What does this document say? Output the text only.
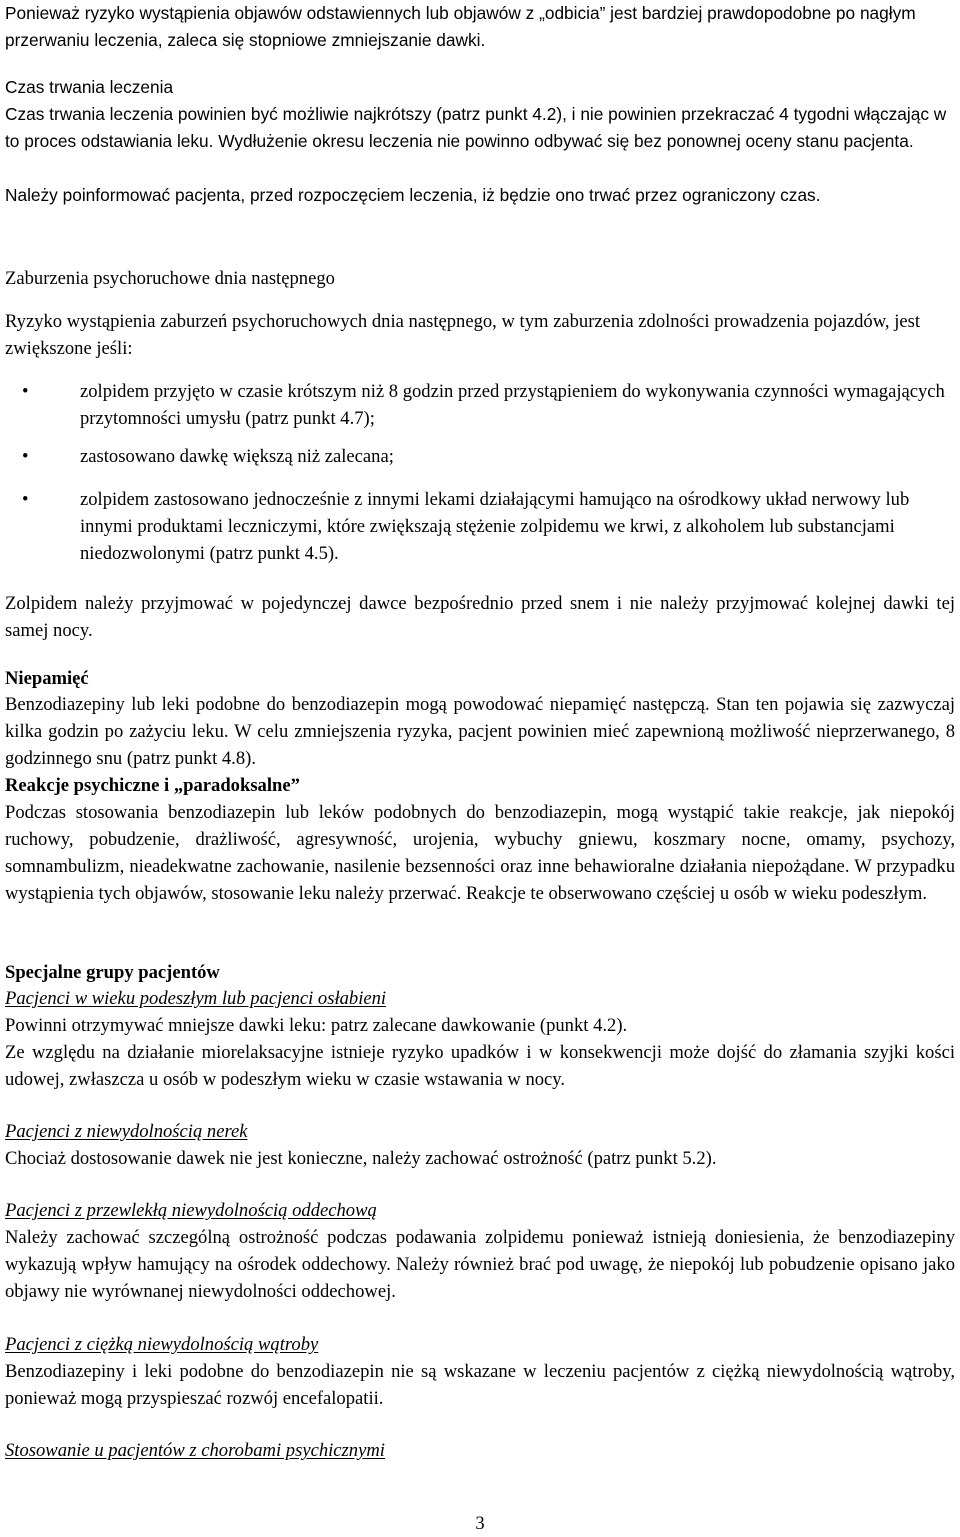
Ponieważ ryzyko wystąpienia objawów odstawiennych lub objawów z „odbicia” jest bardziej prawdopodobne po nagłym przerwaniu leczenia, zaleca się stopniowe zmniejszanie dawki.

Czas trwania leczenia

Czas trwania leczenia powinien być możliwie najkrótszy (patrz punkt 4.2), i nie powinien przekraczać 4 tygodni włączając w to proces odstawiania leku. Wydłużenie okresu leczenia nie powinno odbywać się bez ponownej oceny stanu pacjenta.

Należy poinformować pacjenta, przed rozpoczęciem leczenia, iż będzie ono trwać przez ograniczony czas.

Zaburzenia psychoruchowe dnia następnego

Ryzyko wystąpienia zaburzeń psychoruchowych dnia następnego, w tym zaburzenia zdolności prowadzenia pojazdów, jest zwiększone jeśli:

•	zolpidem przyjęto w czasie krótszym niż 8 godzin przed przystąpieniem do wykonywania czynności wymagających przytomności umysłu (patrz punkt 4.7);
•	zastosowano dawkę większą niż zalecana;
•	zolpidem zastosowano jednocześnie z innymi lekami działającymi hamująco na ośrodkowy układ nerwowy lub innymi produktami leczniczymi, które zwiększają stężenie zolpidemu we krwi, z alkoholem lub substancjami niedozwolonymi (patrz punkt 4.5).

Zolpidem należy przyjmować w pojedynczej dawce bezpośrednio przed snem i nie należy przyjmować kolejnej dawki tej samej nocy.

Niepamięć

Benzodiazepiny lub leki podobne do benzodiazepin mogą powodować niepamięć następczą. Stan ten pojawia się zazwyczaj kilka godzin po zażyciu leku. W celu zmniejszenia ryzyka, pacjent powinien mieć zapewnioną możliwość nieprzerwanego, 8 godzinnego snu (patrz punkt 4.8).

Reakcje psychiczne i „paradoksalne”

Podczas stosowania benzodiazepin lub leków podobnych do benzodiazepin, mogą wystąpić takie reakcje, jak niepokój ruchowy, pobudzenie, drażliwość, agresywność, urojenia, wybuchy gniewu, koszmary nocne, omamy, psychozy, somnambulizm, nieadekwatne zachowanie, nasilenie bezsenności oraz inne behawioralne działania niepożądane. W przypadku wystąpienia tych objawów, stosowanie leku należy przerwać. Reakcje te obserwowano częściej u osób w wieku podeszłym.

Specjalne grupy pacjentów

Pacjenci w wieku podeszłym lub pacjenci osłabieni

Powinni otrzymywać mniejsze dawki leku: patrz zalecane dawkowanie (punkt 4.2).

Ze względu na działanie miorelaksacyjne istnieje ryzyko upadków i w konsekwencji może dojść do złamania szyjki kości udowej, zwłaszcza u osób w podeszłym wieku w czasie wstawania w nocy.

Pacjenci z niewydolnością nerek

Chociaż dostosowanie dawek nie jest konieczne, należy zachować ostrożność (patrz punkt 5.2).

Pacjenci z przewlekłą niewydolnością oddechową

Należy zachować szczególną ostrożność podczas podawania zolpidemu ponieważ istnieją doniesienia, że benzodiazepiny wykazują wpływ hamujący na ośrodek oddechowy. Należy również brać pod uwagę, że niepokój lub pobudzenie opisano jako objawy nie wyrównanej niewydolności oddechowej.

Pacjenci z ciężką niewydolnością wątroby

Benzodiazepiny i leki podobne do benzodiazepin nie są wskazane w leczeniu pacjentów z ciężką niewydolnością wątroby, ponieważ mogą przyspieszać rozwój encefalopatii.

Stosowanie u pacjentów z chorobami psychicznymi

3
